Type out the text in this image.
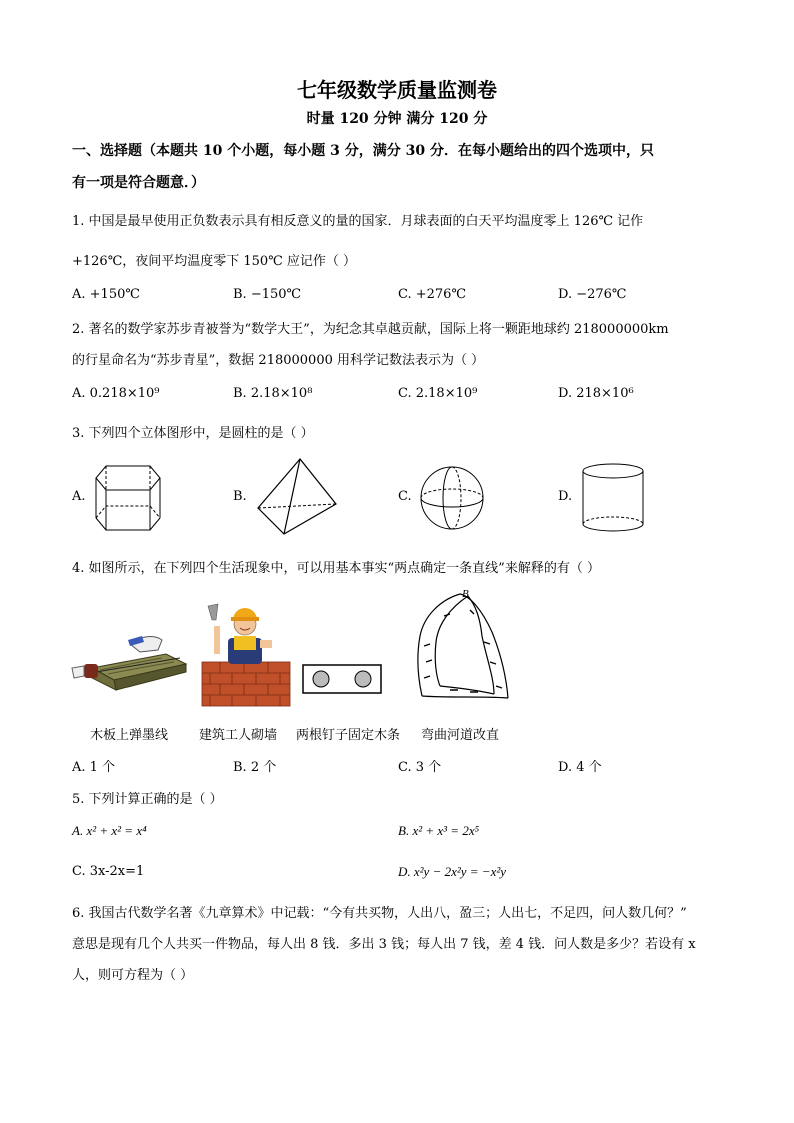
七年级数学质量监测卷
时量 120 分钟 满分 120 分
一、选择题（本题共 10 个小题，每小题 3 分，满分 30 分．在每小题给出的四个选项中，只
有一项是符合题意．）
1. 中国是最早使用正负数表示具有相反意义的量的国家．月球表面的白天平均温度零上 126℃ 记作
+126℃，夜间平均温度零下 150℃ 应记作（ ）
A. +150℃	B. −150℃	C. +276℃	D. −276℃
2. 著名的数学家苏步青被誉为“数学大王”，为纪念其卓越贡献，国际上将一颗距地球约 218000000km
的行星命名为“苏步青星”，数据 218000000 用科学记数法表示为（ ）
A. 0.218×10⁹	B. 2.18×10⁸	C. 2.18×10⁹	D. 218×10⁶
3. 下列四个立体图形中，是圆柱的是（ ）
A.	B.	C.	D.
4. 如图所示，在下列四个生活现象中，可以用基本事实“两点确定一条直线”来解释的有（ ）
B
木板上弹墨线 建筑工人砌墙 两根钉子固定木条 弯曲河道改直
A. 1 个	B. 2 个	C. 3 个	D. 4 个
5. 下列计算正确的是（ ）
A. x² + x² = x⁴	B. x² + x³ = 2x⁵
C. 3x-2x=1	D. x²y − 2x²y = −x²y
6. 我国古代数学名著《九章算术》中记载：“今有共买物，人出八，盈三；人出七，不足四，问人数几何？”
意思是现有几个人共买一件物品，每人出 8 钱．多出 3 钱；每人出 7 钱，差 4 钱．问人数是多少？若设有 x
人，则可方程为（ ）
